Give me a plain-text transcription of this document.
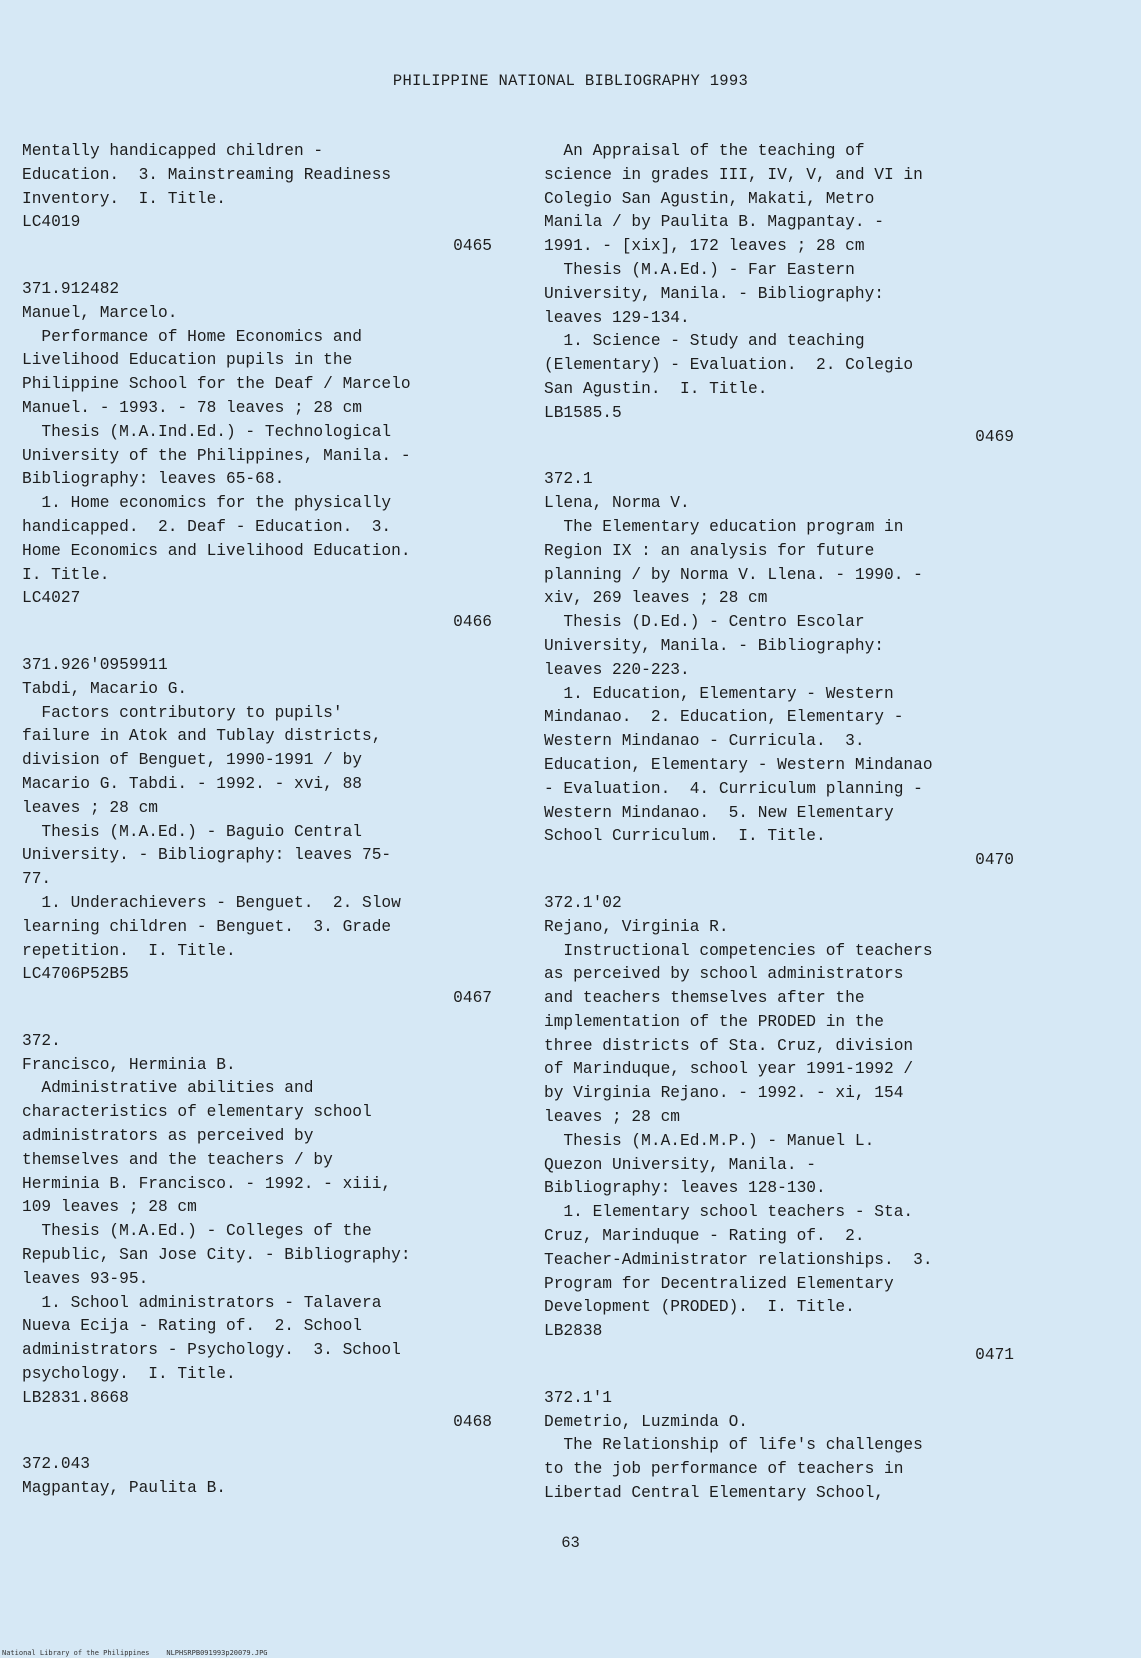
PHILIPPINE NATIONAL BIBLIOGRAPHY 1993
Mentally handicapped children -
Education.  3. Mainstreaming Readiness
Inventory.  I. Title.
LC4019
0465
371.912482
Manuel, Marcelo.
Performance of Home Economics and
Livelihood Education pupils in the
Philippine School for the Deaf / Marcelo
Manuel. - 1993. - 78 leaves ; 28 cm
Thesis (M.A.Ind.Ed.) - Technological
University of the Philippines, Manila. -
Bibliography: leaves 65-68.
1. Home economics for the physically
handicapped.  2. Deaf - Education.  3.
Home Economics and Livelihood Education.
I. Title.
LC4027
0466
371.926'0959911
Tabdi, Macario G.
Factors contributory to pupils'
failure in Atok and Tublay districts,
division of Benguet, 1990-1991 / by
Macario G. Tabdi. - 1992. - xvi, 88
leaves ; 28 cm
Thesis (M.A.Ed.) - Baguio Central
University. - Bibliography: leaves 75-
77.
1. Underachievers - Benguet.  2. Slow
learning children - Benguet.  3. Grade
repetition.  I. Title.
LC4706P52B5
0467
372.
Francisco, Herminia B.
Administrative abilities and
characteristics of elementary school
administrators as perceived by
themselves and the teachers / by
Herminia B. Francisco. - 1992. - xiii,
109 leaves ; 28 cm
Thesis (M.A.Ed.) - Colleges of the
Republic, San Jose City. - Bibliography:
leaves 93-95.
1. School administrators - Talavera
Nueva Ecija - Rating of.  2. School
administrators - Psychology.  3. School
psychology.  I. Title.
LB2831.8668
0468
372.043
Magpantay, Paulita B.
An Appraisal of the teaching of
science in grades III, IV, V, and VI in
Colegio San Agustin, Makati, Metro
Manila / by Paulita B. Magpantay. -
1991. - [xix], 172 leaves ; 28 cm
Thesis (M.A.Ed.) - Far Eastern
University, Manila. - Bibliography:
leaves 129-134.
1. Science - Study and teaching
(Elementary) - Evaluation.  2. Colegio
San Agustin.  I. Title.
LB1585.5
0469
372.1
Llena, Norma V.
The Elementary education program in
Region IX : an analysis for future
planning / by Norma V. Llena. - 1990. -
xiv, 269 leaves ; 28 cm
Thesis (D.Ed.) - Centro Escolar
University, Manila. - Bibliography:
leaves 220-223.
1. Education, Elementary - Western
Mindanao.  2. Education, Elementary -
Western Mindanao - Curricula.  3.
Education, Elementary - Western Mindanao
- Evaluation.  4. Curriculum planning -
Western Mindanao.  5. New Elementary
School Curriculum.  I. Title.
0470
372.1'02
Rejano, Virginia R.
Instructional competencies of teachers
as perceived by school administrators
and teachers themselves after the
implementation of the PRODED in the
three districts of Sta. Cruz, division
of Marinduque, school year 1991-1992 /
by Virginia Rejano. - 1992. - xi, 154
leaves ; 28 cm
Thesis (M.A.Ed.M.P.) - Manuel L.
Quezon University, Manila. -
Bibliography: leaves 128-130.
1. Elementary school teachers - Sta.
Cruz, Marinduque - Rating of.  2.
Teacher-Administrator relationships.  3.
Program for Decentralized Elementary
Development (PRODED).  I. Title.
LB2838
0471
372.1'1
Demetrio, Luzminda O.
The Relationship of life's challenges
to the job performance of teachers in
Libertad Central Elementary School,
63
National Library of the Philippines    NLPHSRPB091993p20079.JPG
